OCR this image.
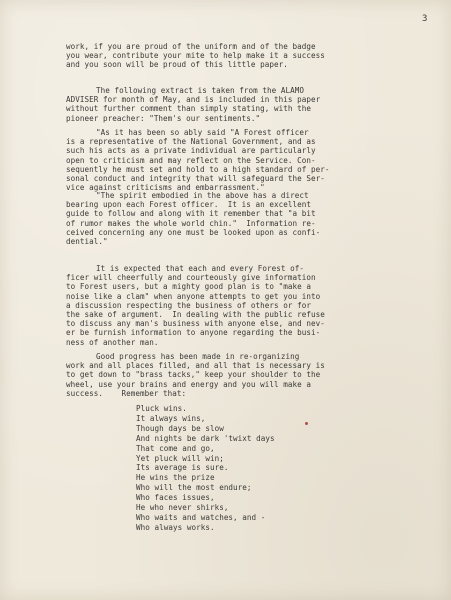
3
work, if you are proud of the uniform and of the badge
you wear, contribute your mite to help make it a success
and you soon will be proud of this little paper.
The following extract is taken from the ALAMO
ADVISER for month of May, and is included in this paper
without further comment than simply stating, with the
pioneer preacher: "Them's our sentiments."
"As it has been so ably said "A Forest officer
is a representative of the National Government, and as
such his acts as a private individual are particularly
open to criticism and may reflect on the Service. Con-
sequently he must set and hold to a high standard of per-
sonal conduct and integrity that will safeguard the Ser-
vice against criticisms and embarrassment."
"The spirit embodied in the above has a direct
bearing upon each Forest officer.  It is an excellent
guide to follow and along with it remember that "a bit
of rumor makes the whole world chin."  Information re-
ceived concerning any one must be looked upon as confi-
dential."
It is expected that each and every Forest of-
ficer will cheerfully and courteously give information
to Forest users, but a mighty good plan is to "make a
noise like a clam" when anyone attempts to get you into
a discussion respecting the business of others or for
the sake of argument.  In dealing with the public refuse
to discuss any man's business with anyone else, and nev-
er be furnish information to anyone regarding the busi-
ness of another man.
Good progress has been made in re-organizing
work and all places filled, and all that is necessary is
to get down to "brass tacks," keep your shoulder to the
wheel, use your brains and energy and you will make a
success.    Remember that:
Pluck wins.
It always wins,
Though days be slow
And nights be dark 'twixt days
That come and go,
Yet pluck will win;
Its average is sure.
He wins the prize
Who will the most endure;
Who faces issues,
He who never shirks,
Who waits and watches, and -
Who always works.
